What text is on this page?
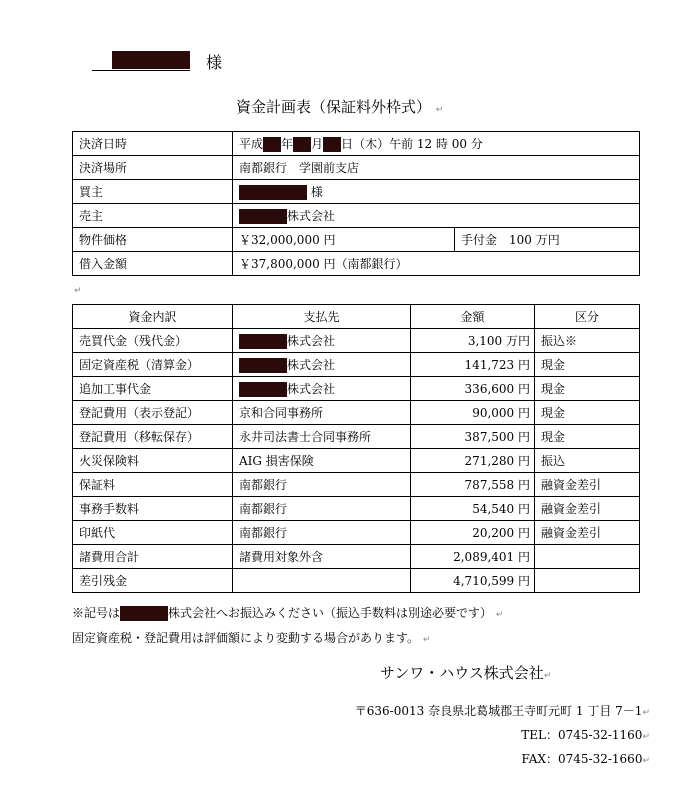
様
資金計画表（保証料外枠式） ↵
決済日時	平成 年 月 日（木）午前 12 時 00 分	
決済場所	南都銀行　学園前支店	
買主	様	
売主	株式会社	
物件価格	￥32,000,000 円	手付金　100 万円
借入金額	￥37,800,000 円（南都銀行）	
↵
資金内訳	支払先	金額	区分
売買代金（残代金）	株式会社	3,100 万円	振込※
固定資産税（清算金）	株式会社	141,723 円	現金
追加工事代金	株式会社	336,600 円	現金
登記費用（表示登記）	京和合同事務所	90,000 円	現金
登記費用（移転保存）	永井司法書士合同事務所	387,500 円	現金
火災保険料	AIG 損害保険	271,280 円	振込
保証料	南都銀行	787,558 円	融資金差引
事務手数料	南都銀行	54,540 円	融資金差引
印紙代	南都銀行	20,200 円	融資金差引
諸費用合計	諸費用対象外含	2,089,401 円	
差引残金		4,710,599 円	
※記号は	株式会社へお振込みください（振込手数料は別途必要です） ↵
固定資産税・登記費用は評価額により変動する場合があります。 ↵
サンワ・ハウス株式会社↵
〒636-0013 奈良県北葛城郡王寺町元町 1 丁目 7－1↵
TEL：0745-32-1160↵
FAX：0745-32-1660↵
